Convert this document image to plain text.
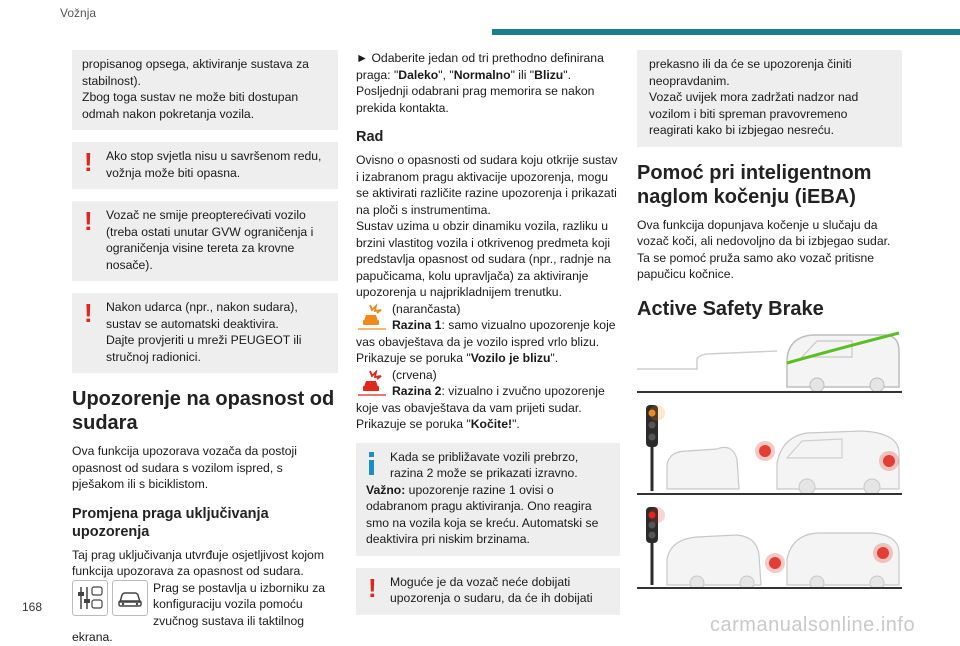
Vožnja

propisanog opsega, aktiviranje sustava za stabilnost).

Zbog toga sustav ne može biti dostupan odmah nakon pokretanja vozila.

! Ako stop svjetla nisu u savršenom redu, vožnja može biti opasna.

! Vozač ne smije preopterećivati vozilo (treba ostati unutar GVW ograničenja i ograničenja visine tereta za krovne nosače).

! Nakon udarca (npr., nakon sudara), sustav se automatski deaktivira.

Dajte provjeriti u mreži PEUGEOT ili stručnoj radionici.

Upozorenje na opasnost od sudara

Ova funkcija upozorava vozača da postoji opasnost od sudara s vozilom ispred, s pješakom ili s biciklistom.

Promjena praga uključivanja upozorenja

Taj prag uključivanja utvrđuje osjetljivost kojom funkcija upozorava za opasnost od sudara.

Prag se postavlja u izborniku za konfiguraciju vozila pomoću zvučnog sustava ili taktilnog ekrana.

► Odaberite jedan od tri prethodno definirana praga: "Daleko", "Normalno" ili "Blizu".

Posljednji odabrani prag memorira se nakon prekida kontakta.

Rad

Ovisno o opasnosti od sudara koju otkrije sustav i izabranom pragu aktivacije upozorenja, mogu se aktivirati različite razine upozorenja i prikazati na ploči s instrumentima.

Sustav uzima u obzir dinamiku vozila, razliku u brzini vlastitog vozila i otkrivenog predmeta koji predstavlja opasnost od sudara (npr., radnje na papučicama, kolu upravljača) za aktiviranje upozorenja u najprikladnijem trenutku.

(narančasta)

Razina 1: samo vizualno upozorenje koje vas obavještava da je vozilo ispred vrlo blizu.

Prikazuje se poruka "Vozilo je blizu".

(crvena)

Razina 2: vizualno i zvučno upozorenje koje vas obavještava da vam prijeti sudar.

Prikazuje se poruka "Kočite!".

Kada se približavate vozili prebrzo, razina 2 može se prikazati izravno.

Važno: upozorenje razine 1 ovisi o odabranom pragu aktiviranja. Ono reagira smo na vozila koja se kreću. Automatski se deaktivira pri niskim brzinama.

! Moguće je da vozač neće dobijati upozorenja o sudaru, da će ih dobijati

prekasno ili da će se upozorenja činiti neopravdanim.

Vozač uvijek mora zadržati nadzor nad vozilom i biti spreman pravovremeno reagirati kako bi izbjegao nesreću.

Pomoć pri inteligentnom naglom kočenju (iEBA)

Ova funkcija dopunjava kočenje u slučaju da vozač koči, ali nedovoljno da bi izbjegao sudar. Ta se pomoć pruža samo ako vozač pritisne papučicu kočnice.

Active Safety Brake
168
carmanualsonline.info
